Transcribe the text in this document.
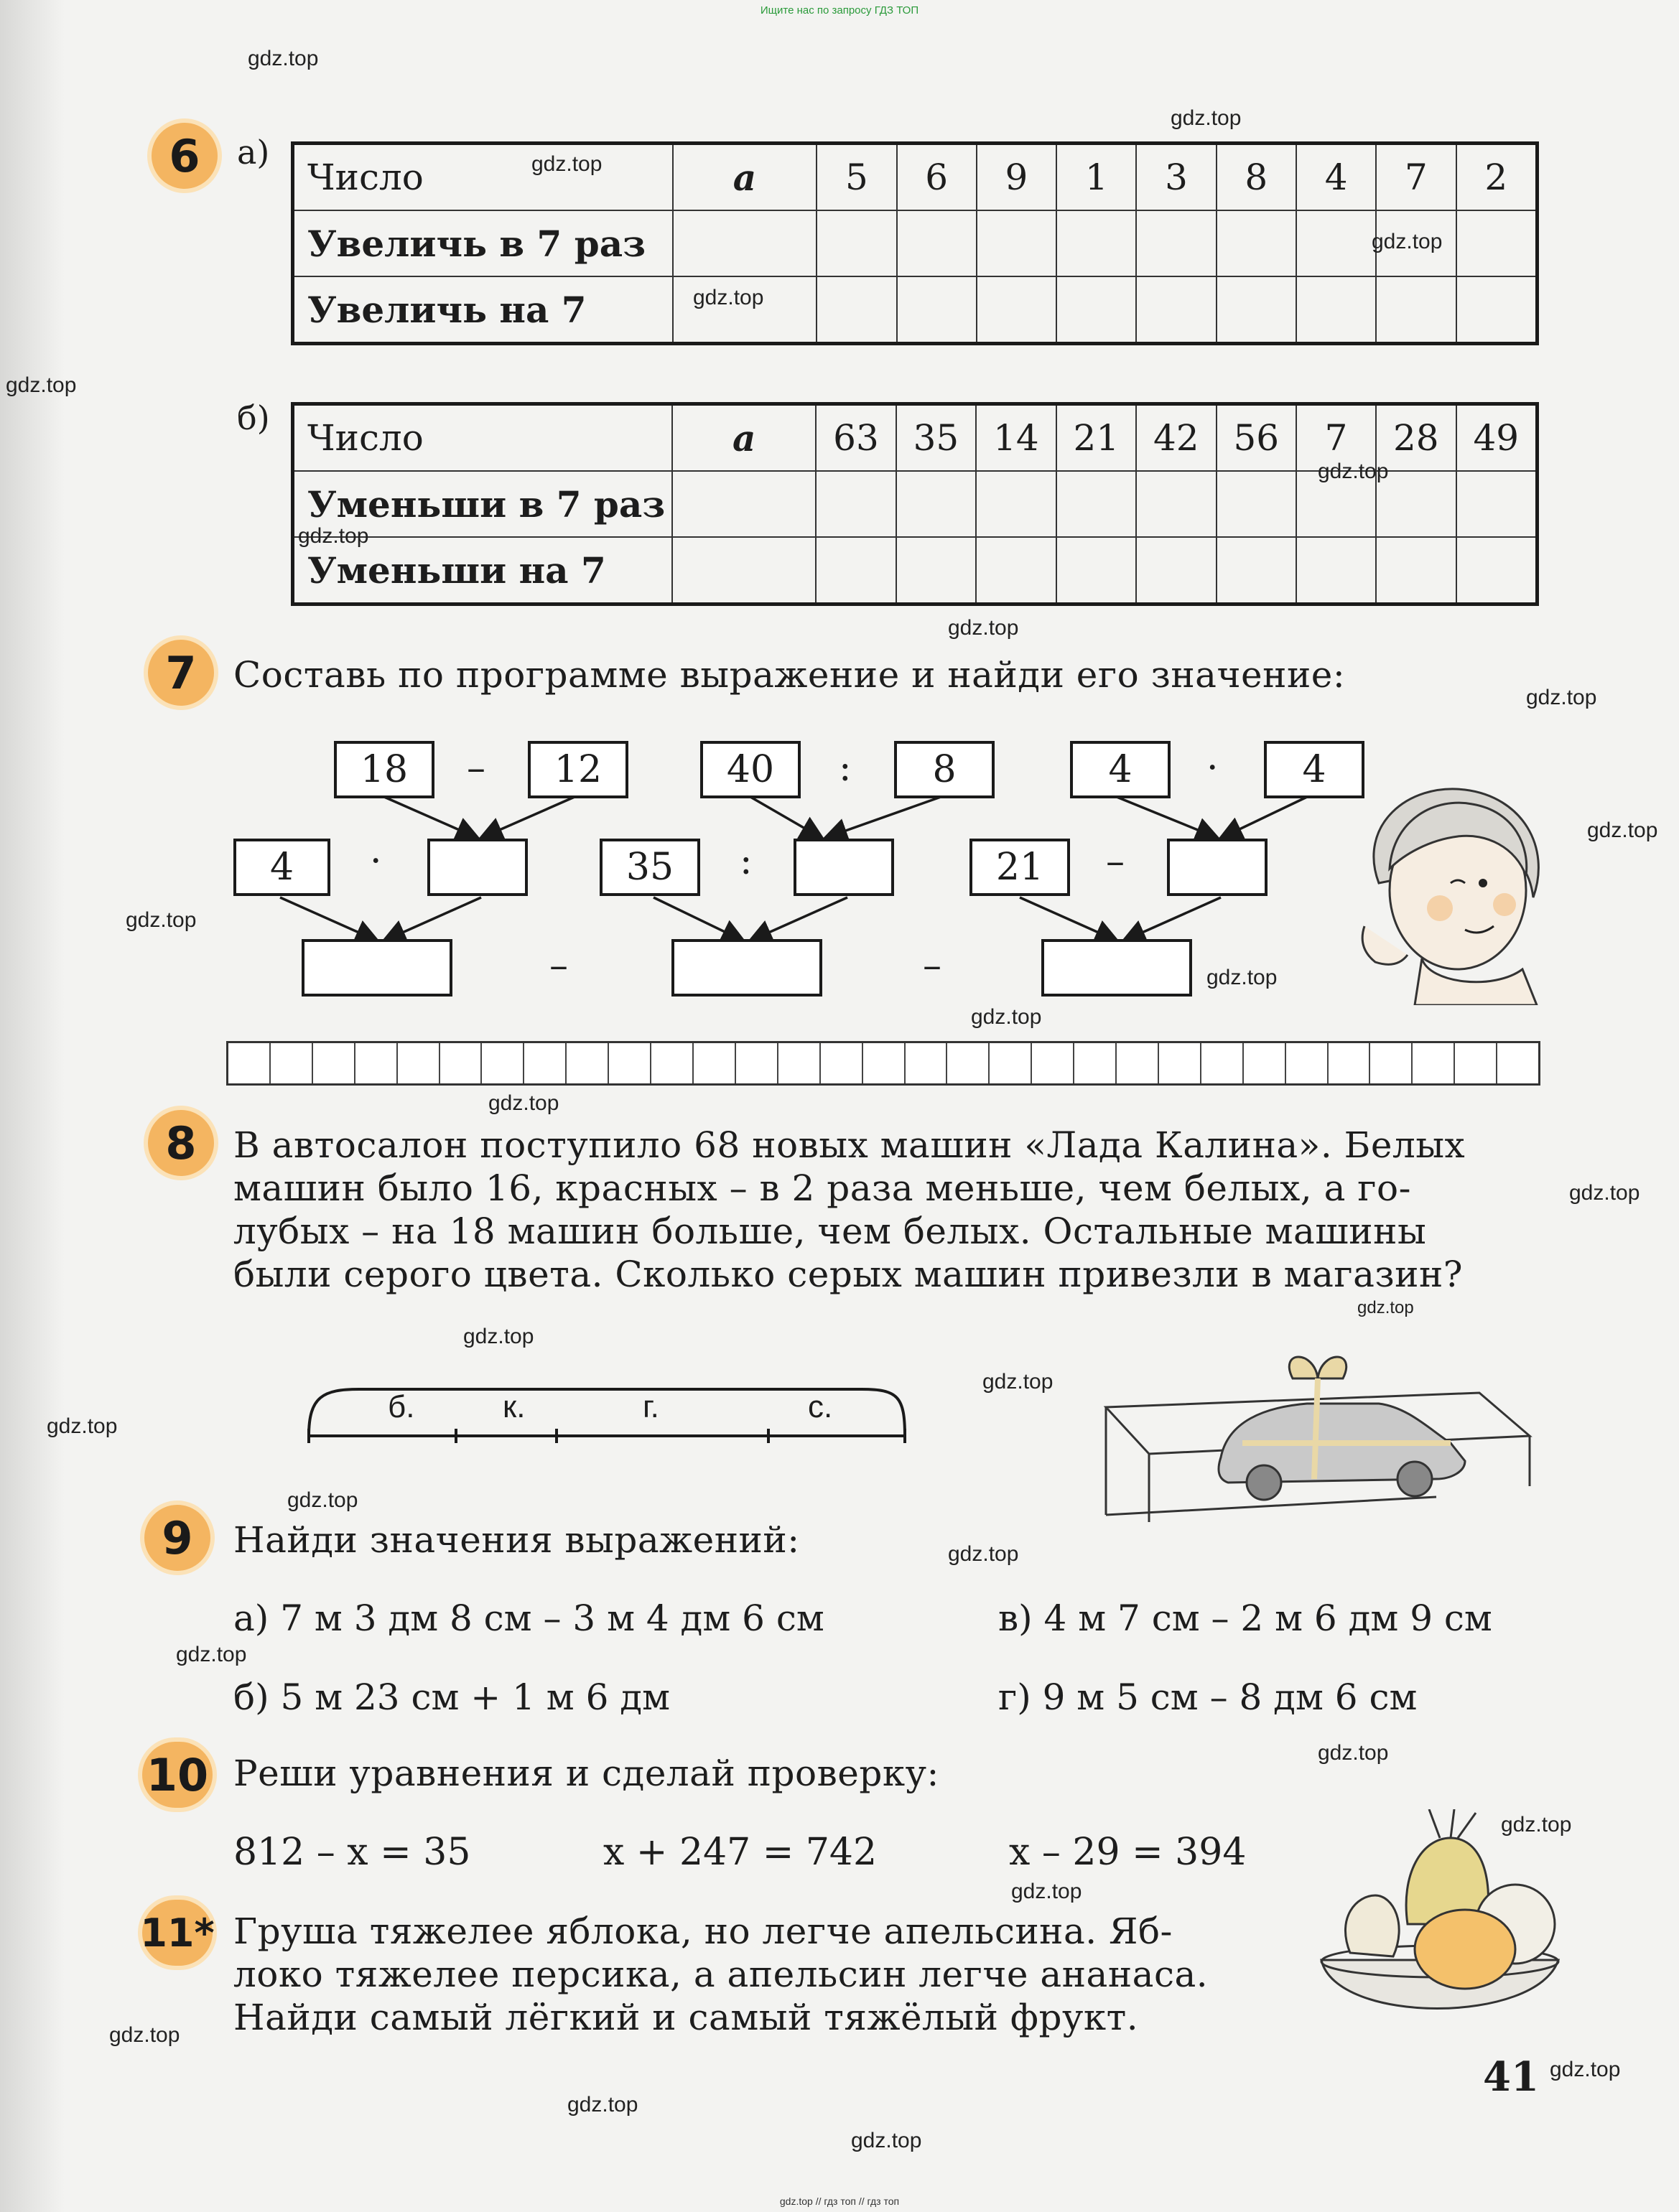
Ищите нас по запросу ГДЗ ТОП
6	а)
Число	a	5	6	9	1	3	8	4	7	2
Увеличь в 7 раз										
Увеличь на 7										
б) Число	a	63	35	14	21	42	56	7	28	49
Уменьши в 7 раз										
Уменьши на 7										
7	Составь по программе выражение и найди его значение:
18	–	12
4	·
–
40	:	8
35	:
–
4	·	4
21	–
8	В автосалон поступило 68 новых машин «Лада Калина». Белых
машин было 16, красных – в 2 раза меньше, чем белых, а го-
лубых – на 18 машин больше, чем белых. Остальные машины
были серого цвета. Сколько серых машин привезли в магазин?
б.	к.	г.	с.
9	Найди значения выражений:
а) 7 м 3 дм 8 см – 3 м 4 дм 6 см
б) 5 м 23 см + 1 м 6 дм
в) 4 м 7 см – 2 м 6 дм 9 см
г) 9 м 5 см – 8 дм 6 см
10 Реши уравнения и сделай проверку:
812 – x = 35	x + 247 = 742	x – 29 = 394
11* Груша тяжелее яблока, но легче апельсина. Яб-
локо тяжелее персика, а апельсин легче ананаса.
Найди самый лёгкий и самый тяжёлый фрукт.
41
gdz.top
gdz.top
gdz.top
gdz.top
gdz.top
gdz.top
gdz.top
gdz.top
gdz.top
gdz.top
gdz.top
gdz.top
gdz.top
gdz.top
gdz.top
gdz.top
gdz.top
gdz.top
gdz.top
gdz.top
gdz.top
gdz.top
gdz.top
gdz.top
gdz.top
gdz.top
gdz.top
gdz.top
gdz.top
gdz.top
gdz.top // гдз топ // гдз топ
